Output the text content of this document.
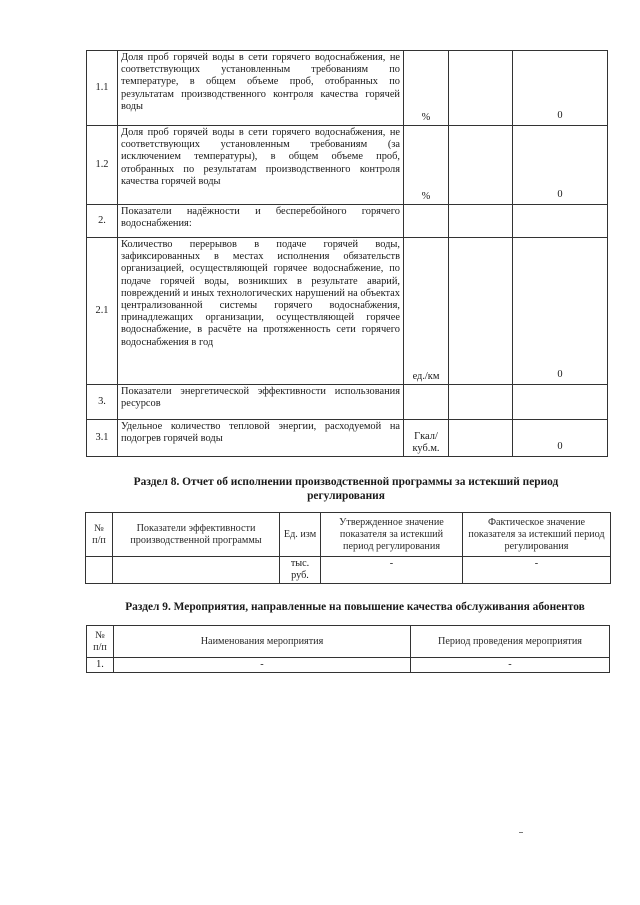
1.1	Доля проб горячей воды в сети горячего водоснабжения, не соответствующих установленным требованиям по температуре, в общем объеме проб, отобранных по результатам производственного контроля качества горячей воды	%		0
1.2	Доля проб горячей воды в сети горячего водоснабжения, не соответствующих установленным требованиям (за исключением температуры), в общем объеме проб, отобранных по результатам производственного контроля качества горячей воды	%		0
2.	Показатели надёжности и бесперебойного горячего водоснабжения:			
2.1	Количество перерывов в подаче горячей воды, зафиксированных в местах исполнения обязательств организацией, осуществляющей горячее водоснабжение, по подаче горячей воды, возникших в результате аварий, повреждений и иных технологических нарушений на объектах централизованной системы горячего водоснабжения, принадлежащих организации, осуществляющей горячее водоснабжение, в расчёте на протяженность сети горячего водоснабжения в год	ед./км		0
3.	Показатели энергетической эффективности использования ресурсов			
3.1	Удельное количество тепловой энергии, расходуемой на подогрев горячей воды	Гкал/ куб.м.		0
Раздел 8. Отчет об исполнении производственной программы за истекший период регулирования
№ п/п	Показатели эффективности производственной программы	Ед. изм	Утвержденное значение показателя за истекший период регулирования	Фактическое значение показателя за истекший период регулирования
		тыс. руб.	-	-
Раздел 9. Мероприятия, направленные на повышение качества обслуживания абонентов
№ п/п	Наименования мероприятия	Период проведения мероприятия
1.	-	-
